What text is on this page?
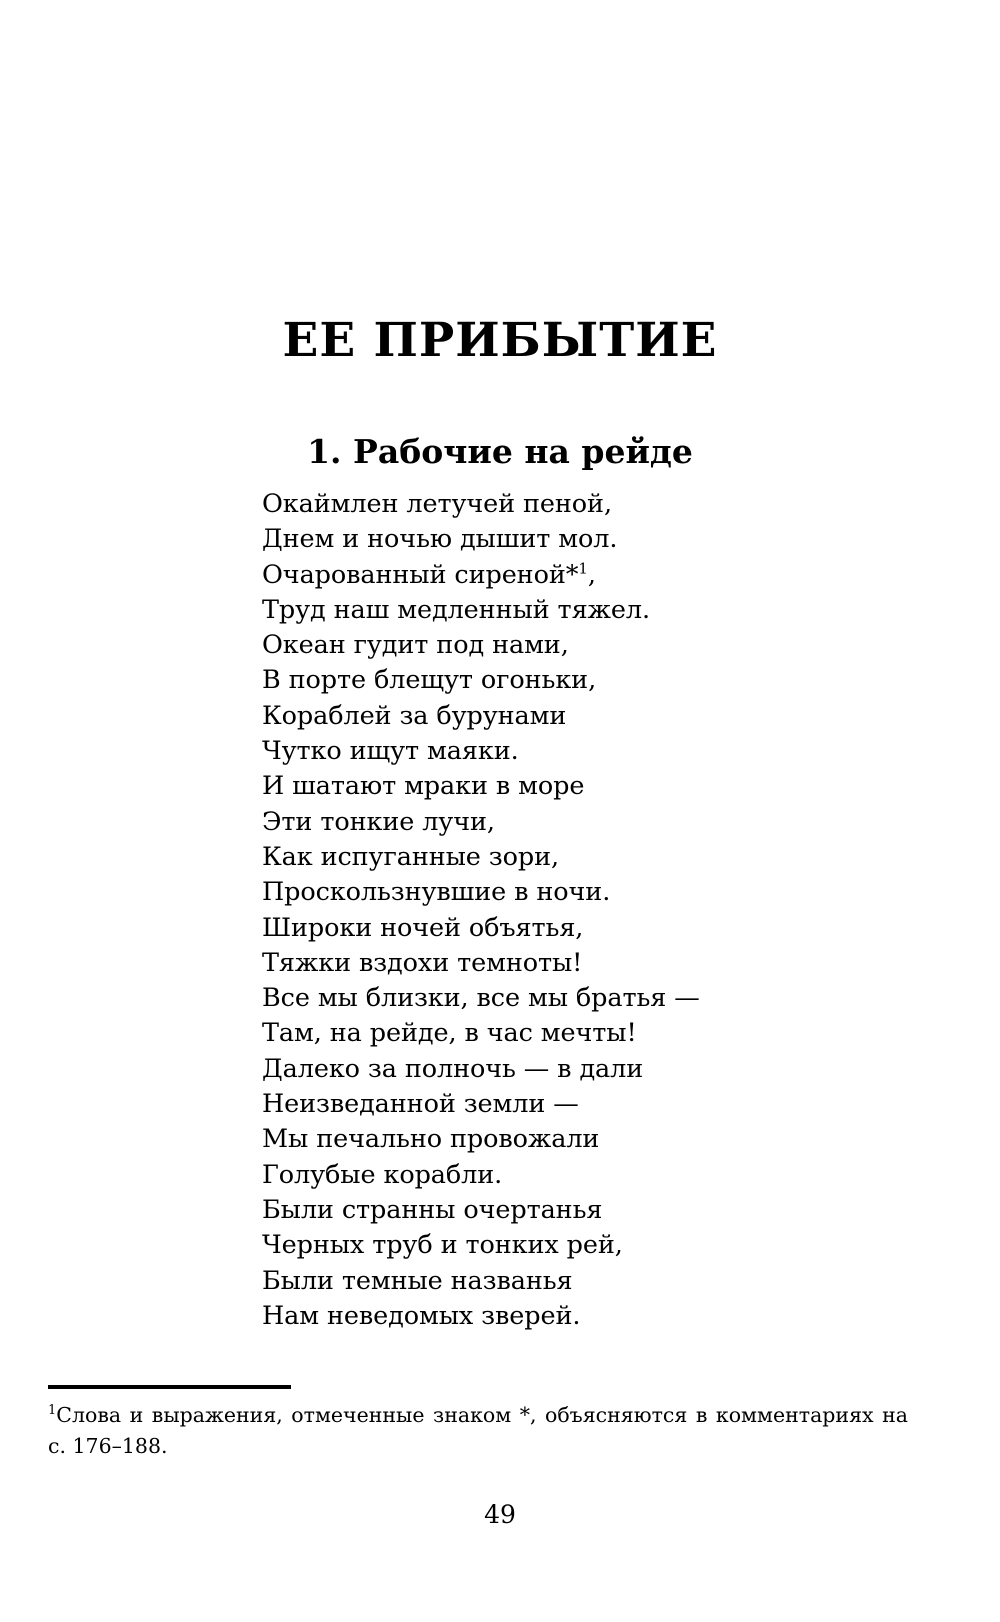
ЕЕ ПРИБЫТИЕ
1. Рабочие на рейде
Окаймлен летучей пеной,
Днем и ночью дышит мол.
Очарованный сиреной*$^1$,
Труд наш медленный тяжел.
Океан гудит под нами,
В порте блещут огоньки,
Кораблей за бурунами
Чутко ищут маяки.
И шатают мраки в море
Эти тонкие лучи,
Как испуганные зори,
Проскользнувшие в ночи.
Широки ночей объятья,
Тяжки вздохи темноты!
Все мы близки, все мы братья —
Там, на рейде, в час мечты!
Далеко за полночь — в дали
Неизведанной земли —
Мы печально провожали
Голубые корабли.
Были странны очертанья
Черных труб и тонких рей,
Были темные названья
Нам неведомых зверей.
$^1$Слова и выражения, отмеченные знаком *, объясняются в комментариях на с. 176–188.
49
